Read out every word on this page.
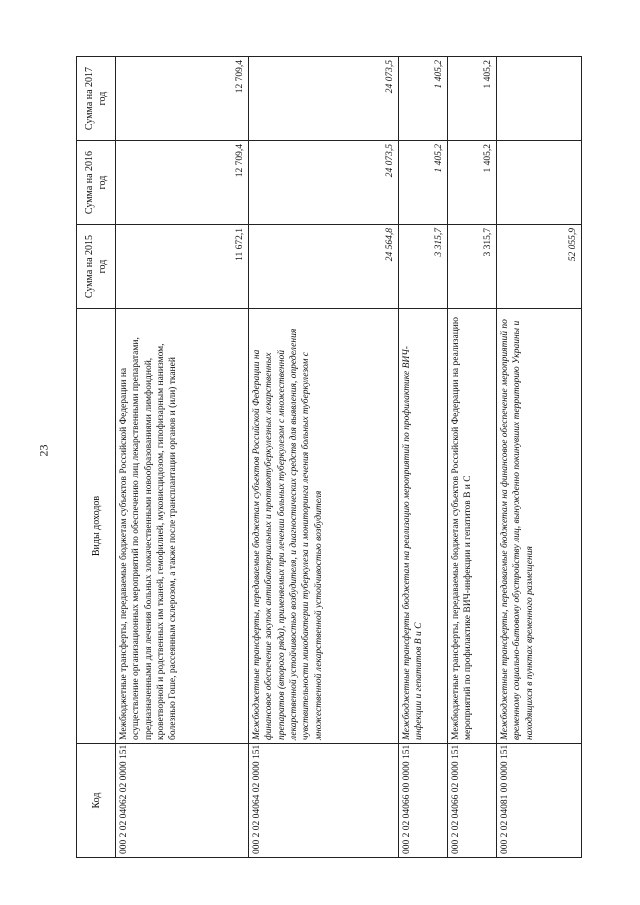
23
Код	Виды доходов	Сумма на 2015 год	Сумма на 2016 год	Сумма на 2017 год
000 2 02 04062 02 0000 151	Межбюджетные трансферты, передаваемые бюджетам субъектов Российской Федерации на осуществление организационных мероприятий по обеспечению лиц лекарственными препаратами, предназначенными для лечения больных злокачественными новообразованиями лимфоидной, кроветворной и родственных им тканей, гемофилией, муковисцидозом, гипофизарным нанизмом, болезнью Гоше, рассеянным склерозом, а также после трансплантации органов и (или) тканей	11 672,1	12 709,4	12 709,4
000 2 02 04064 02 0000 151	Межбюджетные трансферты, передаваемые бюджетам субъектов Российской Федерации на финансовое обеспечение закупок антибактериальных и противотуберкулезных лекарственных препаратов (второго ряда), применяемых при лечении больных туберкулезом с множественной лекарственной устойчивостью возбудителя, и диагностических средств для выявления, определения чувствительности микобактерии туберкулеза и мониторинга лечения больных туберкулезом с множественной лекарственной устойчивостью возбудителя	24 564,8	24 073,5	24 073,5
000 2 02 04066 00 0000 151	Межбюджетные трансферты бюджетам на реализацию мероприятий по профилактике ВИЧ-инфекции и гепатитов B и C	3 315,7	1 405,2	1 405,2
000 2 02 04066 02 0000 151	Межбюджетные трансферты, передаваемые бюджетам субъектов Российской Федерации на реализацию мероприятий по профилактике ВИЧ-инфекции и гепатитов B и C	3 315,7	1 405,2	1 405,2
000 2 02 04081 00 0000 151	Межбюджетные трансферты, передаваемые бюджетам на финансовое обеспечение мероприятий по временному социально-бытовому обустройству лиц, вынужденно покинувших территорию Украины и находящихся в пунктах временного размещения	52 055,9		
